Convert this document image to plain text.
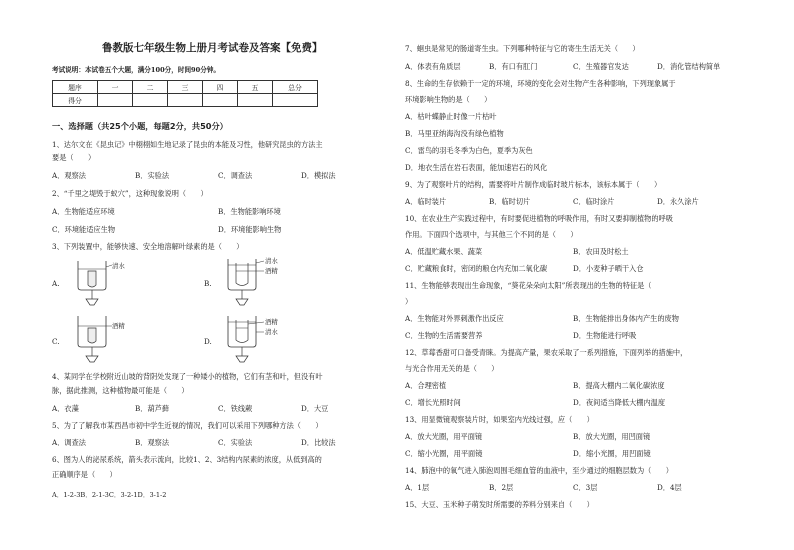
鲁教版七年级生物上册月考试卷及答案【免费】
考试说明：本试卷五个大题，满分100分，时间90分钟。
题序	一	二	三	四	五	总分
得分						
一、选择题（共25个小题，每题2分，共50分）
1、达尔文在《昆虫记》中栩栩如生地记录了昆虫的本能及习性，他研究昆虫的方法主
要是（　　）
A．观察法	B．实验法	C．调查法	D．模拟法
2、“千里之堤毁于蚁穴”，这种现象说明（　　）
A．生物能适应环境	B．生物能影响环境
C．环境能适应生物	D．环境能影响生物
3、下列装置中，能够快速、安全地溶解叶绿素的是（　　）
A.
清水
B.
清水
酒精
C.
酒精
D.
酒精
清水
4、某同学在学校附近山坡的背阴处发现了一种矮小的植物，它们有茎和叶，但没有叶
脉，据此推测，这种植物最可能是（　　）
A．衣藻	B．葫芦藓	C．铁线蕨	D．大豆
5、为了了解我市某西昌市初中学生近视的情况，我们可以采用下列哪种方法（　　）
A．调查法	B．观察法	C．实验法	D．比较法
6、图为人的泌尿系统，箭头表示流向，比较1、2、3结构内尿素的浓度，从低到高的
正确顺序是（　　）
A．1-2-3B．2-1-3C．3-2-1D．3-1-2
7、蛔虫是常见的肠道寄生虫。下列哪种特征与它的寄生生活无关（　　）
A．体表有角质层	B．有口有肛门	C．生殖器官发达	D．消化管结构简单
8、生命的生存依赖于一定的环境，环境的变化会对生物产生各种影响，下列现象属于
环境影响生物的是（　　）
A．枯叶蝶静止时像一片枯叶
B．马里亚纳海沟没有绿色植物
C．雷鸟的羽毛冬季为白色，夏季为灰色
D．地衣生活在岩石表面，能加速岩石的风化
9、为了观察叶片的结构，需要将叶片制作成临时玻片标本，该标本属于（　　）
A．临时装片	B．临时切片	C．临时涂片	D．永久涂片
10、在农业生产实践过程中，有时要促进植物的呼吸作用，有时又要抑制植物的呼吸
作用。下面四个选项中，与其他三个不同的是（　　）
A．低温贮藏水果、蔬菜	B．农田及时松土
C．贮藏粮食时，密闭的粮仓内充加二氧化碳	D．小麦种子晒干入仓
11、生物能够表现出生命现象，“葵花朵朵向太阳”所表现出的生物的特征是（　　
）
A．生物能对外界刺激作出反应	B．生物能排出身体内产生的废物
C．生物的生活需要营养	D．生物能进行呼吸
12、草莓香甜可口备受青睐。为提高产量，果农采取了一系列措施，下面列举的措施中，
与光合作用无关的是（　　）
A．合理密植	B．提高大棚内二氧化碳浓度
C．增长光照时间	D．夜间适当降低大棚内温度
13、用显微镜观察装片时，如果室内光线过强，应（　　）
A．放大光圈，用平面镜	B．放大光圈，用凹面镜
C．缩小光圈，用平面镜	D．缩小光圈，用凹面镜
14、肺泡中的氧气进入肺泡周围毛细血管的血液中，至少通过的细胞层数为（　　）
A．1层	B．2层	C．3层	D．4层
15、大豆、玉米种子萌发时所需要的养料分别来自（　　）
